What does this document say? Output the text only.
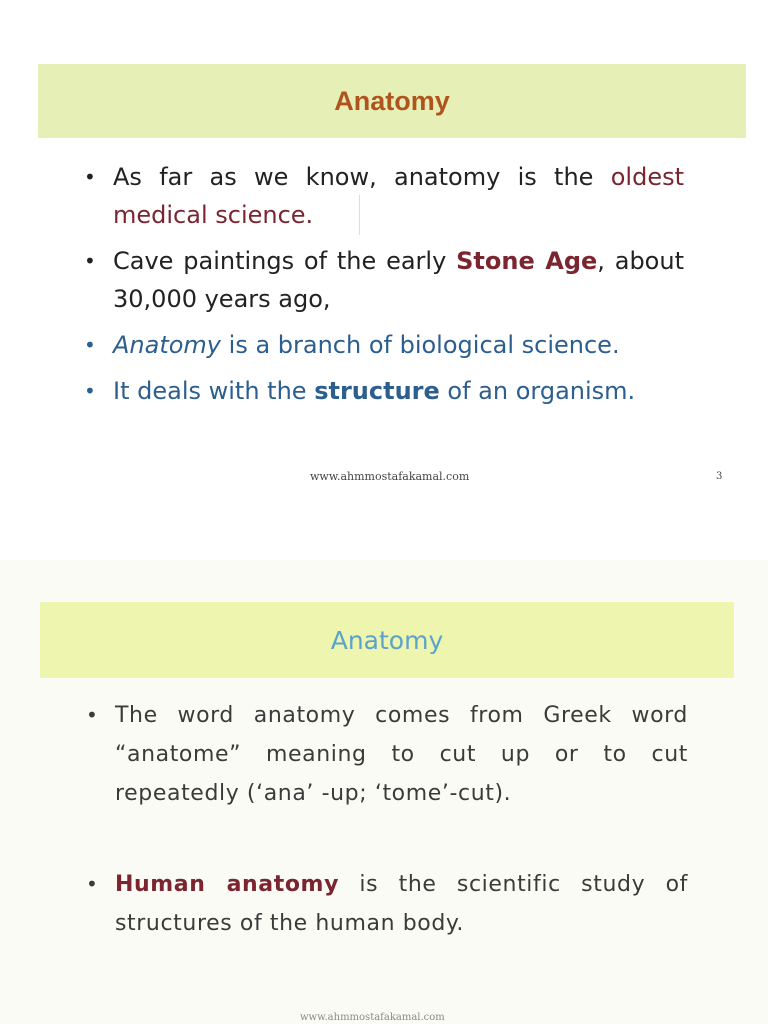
Anatomy
• As far as we know, anatomy is the oldest medical science.
• Cave paintings of the early Stone Age, about 30,000 years ago,
• Anatomy is a branch of biological science.
• It deals with the structure of an organism.
www.ahmmostafakamal.com	3
Anatomy
• The word anatomy comes from Greek word “anatome” meaning to cut up or to cut repeatedly (‘ana’ -up; ‘tome’-cut).
• Human anatomy is the scientific study of structures of the human body.
www.ahmmostafakamal.com
